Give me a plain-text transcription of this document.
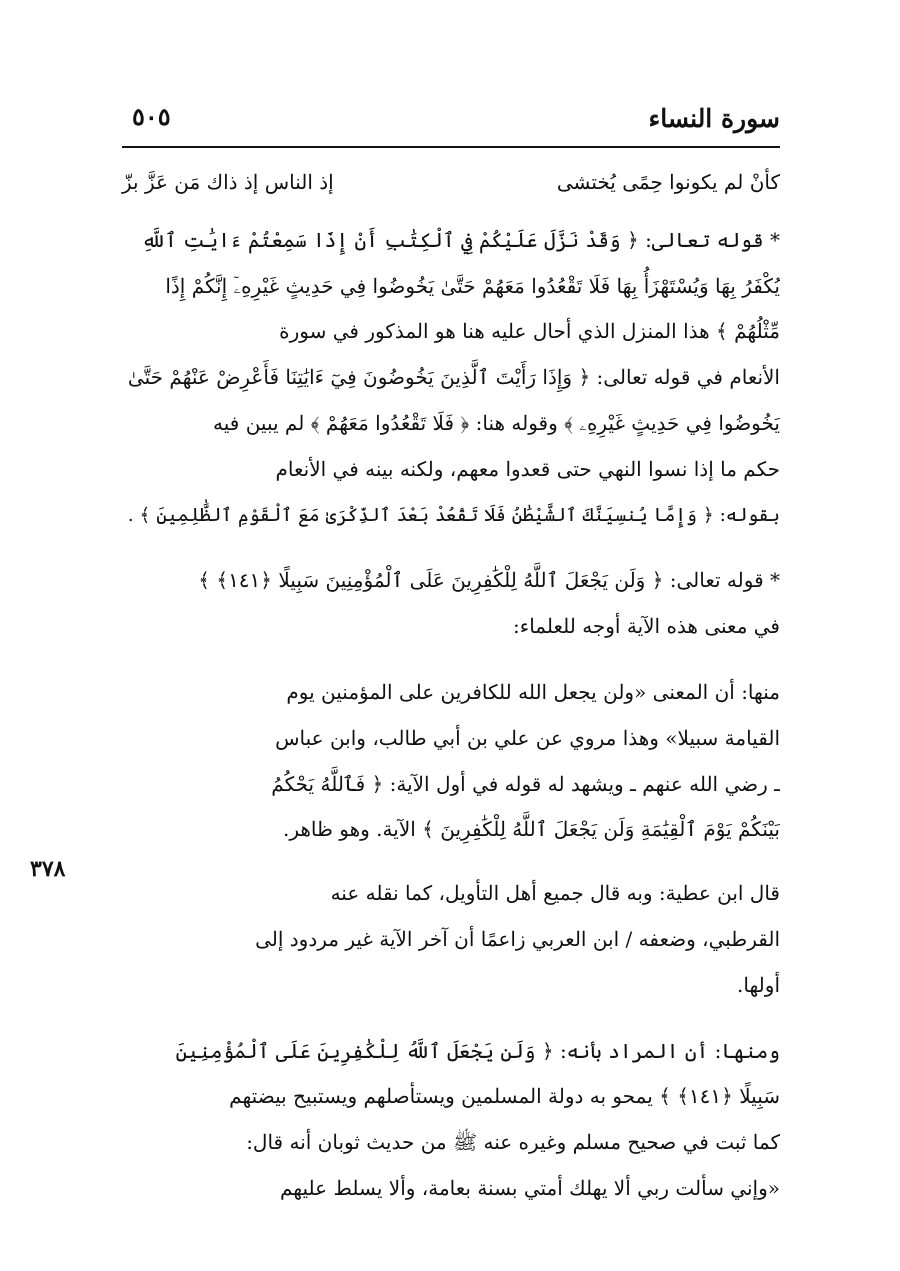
سورة النساء
٥٠٥
٣٧٨
كأنْ لم يكونوا حِمًى يُختشى
إذ الناس إذ ذاك مَن عَزَّ بزّ
* قوله تعالى: ﴿ وَقَدْ نَزَّلَ عَلَيْكُمْ فِي ٱلْكِتَٰبِ أَنْ إِذَا سَمِعْتُمْ ءَايَٰتِ ٱللَّهِ
يُكْفَرُ بِهَا وَيُسْتَهْزَأُ بِهَا فَلَا تَقْعُدُوا مَعَهُمْ حَتَّىٰ يَخُوضُوا فِي حَدِيثٍ غَيْرِهِۦٓ إِنَّكُمْ إِذًا
مِّثْلُهُمْ ﴾ هذا المنزل الذي أحال عليه هنا هو المذكور في سورة
الأنعام في قوله تعالى: ﴿ وَإِذَا رَأَيْتَ ٱلَّذِينَ يَخُوضُونَ فِيٓ ءَايَٰتِنَا فَأَعْرِضْ عَنْهُمْ حَتَّىٰ
يَخُوضُوا فِي حَدِيثٍ غَيْرِهِۦ ﴾ وقوله هنا: ﴿ فَلَا تَقْعُدُوا مَعَهُمْ ﴾ لم يبين فيه
حكم ما إذا نسوا النهي حتى قعدوا معهم، ولكنه بينه في الأنعام
بقوله: ﴿ وَإِمَّا يُنسِيَنَّكَ ٱلشَّيْطَٰنُ فَلَا تَقْعُدْ بَعْدَ ٱلذِّكْرَىٰ مَعَ ٱلْقَوْمِ ٱلظَّٰلِمِينَ ﴾ .
* قوله تعالى: ﴿ وَلَن يَجْعَلَ ٱللَّهُ لِلْكَٰفِرِينَ عَلَى ٱلْمُؤْمِنِينَ سَبِيلًا ﴿١٤١﴾ ﴾
في معنى هذه الآية أوجه للعلماء:
منها: أن المعنى «ولن يجعل الله للكافرين على المؤمنين يوم
القيامة سبيلا» وهذا مروي عن علي بن أبي طالب، وابن عباس
ـ رضي الله عنهم ـ ويشهد له قوله في أول الآية: ﴿ فَٱللَّهُ يَحْكُمُ
بَيْنَكُمْ يَوْمَ ٱلْقِيَٰمَةِ وَلَن يَجْعَلَ ٱللَّهُ لِلْكَٰفِرِينَ ﴾ الآية. وهو ظاهر.
قال ابن عطية: وبه قال جميع أهل التأويل، كما نقله عنه
القرطبي، وضعفه / ابن العربي زاعمًا أن آخر الآية غير مردود إلى
أولها.
ومنها: أن المراد بأنه: ﴿ وَلَن يَجْعَلَ ٱللَّهُ لِلْكَٰفِرِينَ عَلَى ٱلْمُؤْمِنِينَ
سَبِيلًا ﴿١٤١﴾ ﴾ يمحو به دولة المسلمين ويستأصلهم ويستبيح بيضتهم
كما ثبت في صحيح مسلم وغيره عنه ﷺ من حديث ثوبان أنه قال:
«وإني سألت ربي ألا يهلك أمتي بسنة بعامة، وألا يسلط عليهم
